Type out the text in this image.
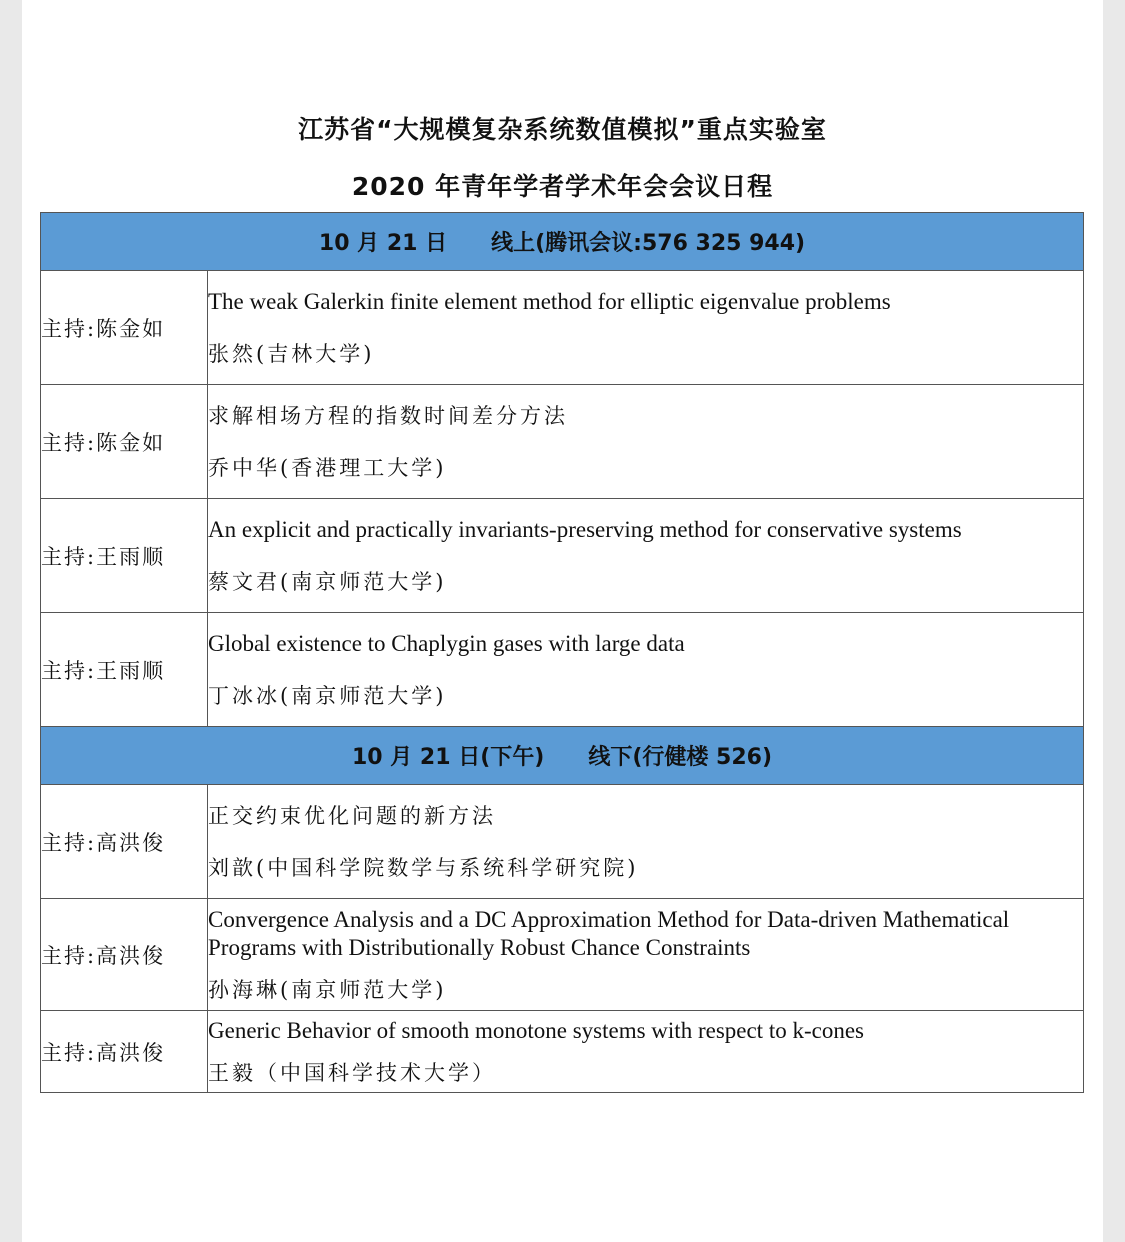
江苏省“大规模复杂系统数值模拟”重点实验室
2020 年青年学者学术年会会议日程
10 月 21 日 线上(腾讯会议:576 325 944)	
主持:陈金如	The weak Galerkin finite element method for elliptic eigenvalue problems
张然(吉林大学)

主持:陈金如	求解相场方程的指数时间差分方法
乔中华(香港理工大学)

主持:王雨顺	An explicit and practically invariants-preserving method for conservative systems
蔡文君(南京师范大学)

主持:王雨顺	Global existence to Chaplygin gases with large data
丁冰冰(南京师范大学)

10 月 21 日(下午) 线下(行健楼 526)	
主持:高洪俊	正交约束优化问题的新方法
刘歆(中国科学院数学与系统科学研究院)

主持:高洪俊	Convergence Analysis and a DC Approximation Method for Data-driven Mathematical Programs with Distributionally Robust Chance Constraints
孙海琳(南京师范大学)

主持:高洪俊	Generic Behavior of smooth monotone systems with respect to k-cones
王毅（中国科学技术大学）
